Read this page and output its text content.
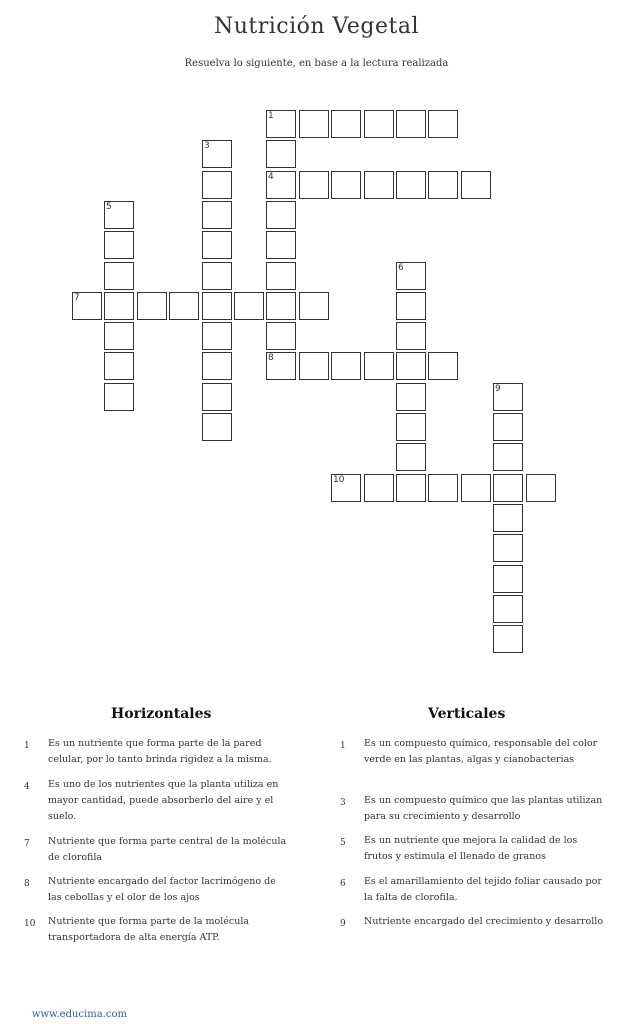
Nutrición Vegetal
Resuelva lo siguiente, en base a la lectura realizada
1
4
3
5
7
6
8
9
10
Horizontales	Verticales
1	Es un nutriente que forma parte de la pared celular, por lo tanto brinda rigidez a la misma.
4	Es uno de los nutrientes que la planta utiliza en mayor cantidad, puede absorberlo del aire y el suelo.
7	Nutriente que forma parte central de la molécula de clorofila
8	Nutriente encargado del factor lacrimógeno de las cebollas y el olor de los ajos
10 Nutriente que forma parte de la molécula transportadora de alta energía ATP.
1	Es un compuesto químico, responsable del color verde en las plantas, algas y cianobacterias
3	Es un compuesto químico que las plantas utilizan para su crecimiento y desarrollo
5	Es un nutriente que mejora la calidad de los frutos y estimula el llenado de granos
6	Es el amarillamiento del tejido foliar causado por la falta de clorofila.
9	Nutriente encargado del crecimiento y desarrollo
www.educima.com
